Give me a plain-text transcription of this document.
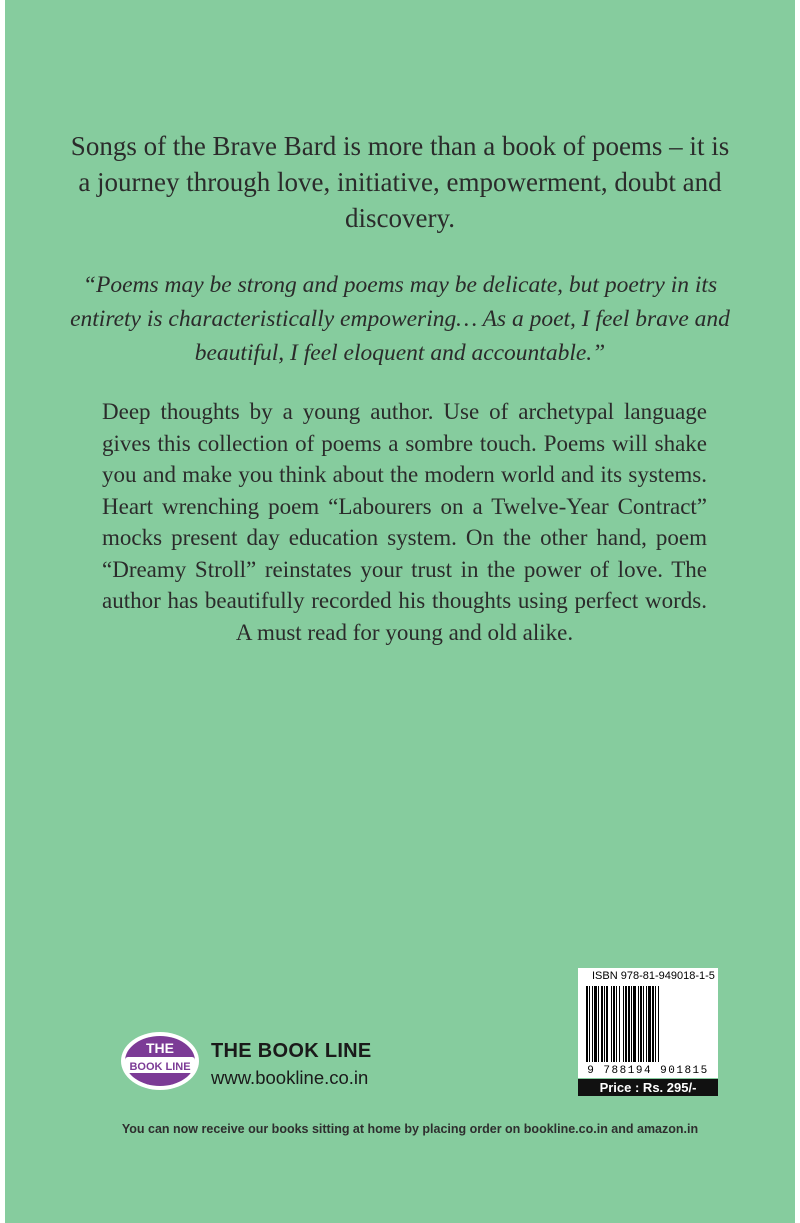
Songs of the Brave Bard is more than a book of poems – it is a journey through love, initiative, empowerment, doubt and discovery.
“Poems may be strong and poems may be delicate, but poetry in its entirety is characteristically empowering… As a poet, I feel brave and beautiful, I feel eloquent and accountable.”
Deep thoughts by a young author. Use of archetypal language gives this collection of poems a sombre touch. Poems will shake you and make you think about the modern world and its systems. Heart wrenching poem “Labourers on a Twelve-Year Contract” mocks present day education system. On the other hand, poem “Dreamy Stroll” reinstates your trust in the power of love. The author has beautifully recorded his thoughts using perfect words. A must read for young and old alike.
THE
BOOK LINE
THE BOOK LINE
www.bookline.co.in
ISBN 978-81-949018-1-5
9 788194 901815
Price : Rs. 295/-
You can now receive our books sitting at home by placing order on bookline.co.in and amazon.in
